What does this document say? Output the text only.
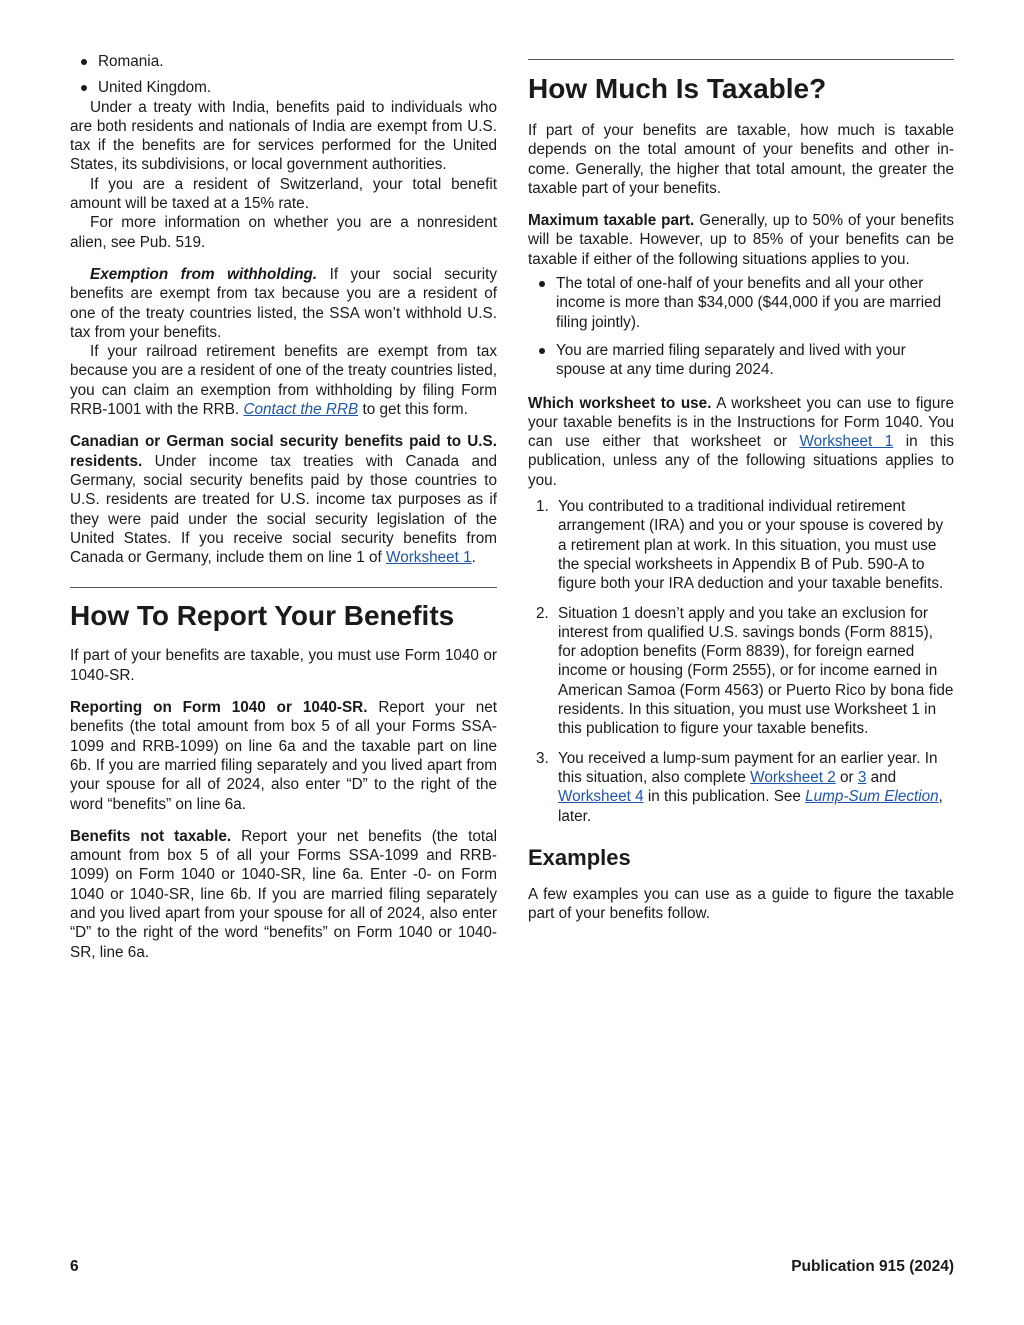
Romania.
United Kingdom.

Under a treaty with India, benefits paid to individuals who are both residents and nationals of India are exempt from U.S. tax if the benefits are for services performed for the United States, its subdivisions, or local government authorities.

If you are a resident of Switzerland, your total benefit amount will be taxed at a 15% rate.

For more information on whether you are a nonresident alien, see Pub. 519.

Exemption from withholding. If your social security benefits are exempt from tax because you are a resident of one of the treaty countries listed, the SSA won’t withhold U.S. tax from your benefits.

If your railroad retirement benefits are exempt from tax because you are a resident of one of the treaty countries listed, you can claim an exemption from withholding by filing Form RRB-1001 with the RRB. Contact the RRB to get this form.

Canadian or German social security benefits paid to U.S. residents. Under income tax treaties with Canada and Germany, social security benefits paid by those countries to U.S. residents are treated for U.S. income tax purposes as if they were paid under the social security legislation of the United States. If you receive social security benefits from Canada or Germany, include them on line 1 of Worksheet 1.

How To Report Your Benefits

If part of your benefits are taxable, you must use Form 1040 or 1040-SR.

Reporting on Form 1040 or 1040-SR. Report your net benefits (the total amount from box 5 of all your Forms SSA-1099 and RRB-1099) on line 6a and the taxable part on line 6b. If you are married filing separately and you lived apart from your spouse for all of 2024, also enter “D” to the right of the word “benefits” on line 6a.

Benefits not taxable. Report your net benefits (the total amount from box 5 of all your Forms SSA-1099 and RRB-1099) on Form 1040 or 1040-SR, line 6a. Enter -0- on Form 1040 or 1040-SR, line 6b. If you are married filing separately and you lived apart from your spouse for all of 2024, also enter “D” to the right of the word “benefits” on Form 1040 or 1040-SR, line 6a.

How Much Is Taxable?

If part of your benefits are taxable, how much is taxable depends on the total amount of your benefits and other income. Generally, the higher that total amount, the greater the taxable part of your benefits.

Maximum taxable part. Generally, up to 50% of your benefits will be taxable. However, up to 85% of your benefits can be taxable if either of the following situations applies to you.

The total of one-half of your benefits and all your other income is more than $34,000 ($44,000 if you are married filing jointly).
You are married filing separately and lived with your spouse at any time during 2024.

Which worksheet to use. A worksheet you can use to figure your taxable benefits is in the Instructions for Form 1040. You can use either that worksheet or Worksheet 1 in this publication, unless any of the following situations applies to you.

1. You contributed to a traditional individual retirement arrangement (IRA) and you or your spouse is covered by a retirement plan at work. In this situation, you must use the special worksheets in Appendix B of Pub. 590-A to figure both your IRA deduction and your taxable benefits.
2. Situation 1 doesn’t apply and you take an exclusion for interest from qualified U.S. savings bonds (Form 8815), for adoption benefits (Form 8839), for foreign earned income or housing (Form 2555), or for income earned in American Samoa (Form 4563) or Puerto Rico by bona fide residents. In this situation, you must use Worksheet 1 in this publication to figure your taxable benefits.
3. You received a lump-sum payment for an earlier year. In this situation, also complete Worksheet 2 or 3 and Worksheet 4 in this publication. See Lump-Sum Election, later.
Examples

A few examples you can use as a guide to figure the taxable part of your benefits follow.

6	Publication 915 (2024)
